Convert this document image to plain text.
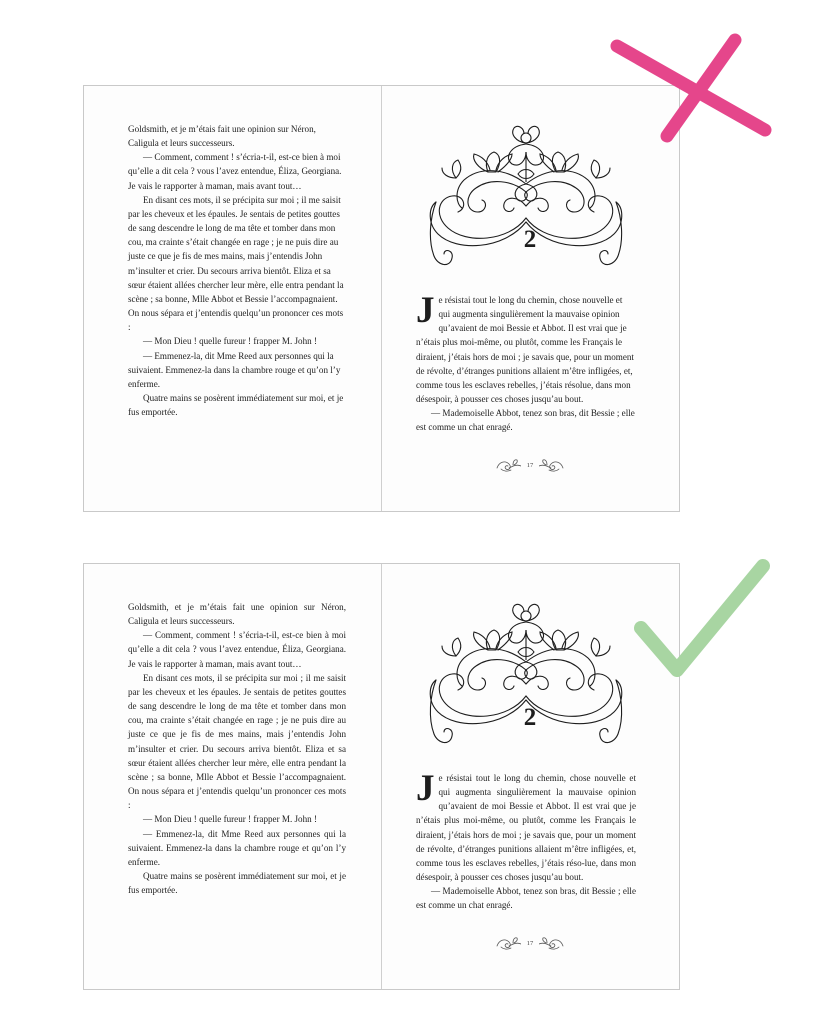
Goldsmith, et je m’étais fait une opinion sur Néron, Caligula et leurs successeurs.

— Comment, comment ! s’écria-t-il, est-ce bien à moi qu’elle a dit cela ? vous l’avez entendue, Éliza, Georgiana. Je vais le rapporter à maman, mais avant tout…

En disant ces mots, il se précipita sur moi ; il me saisit par les cheveux et les épaules. Je sentais de petites gouttes de sang descendre le long de ma tête et tomber dans mon cou, ma crainte s’était changée en rage ; je ne puis dire au juste ce que je fis de mes mains, mais j’entendis John m’insulter et crier. Du secours arriva bientôt. Eliza et sa sœur étaient allées chercher leur mère, elle entra pendant la scène ; sa bonne, Mlle Abbot et Bessie l’accompagnaient. On nous sépara et j’entendis quelqu’un prononcer ces mots :

— Mon Dieu ! quelle fureur ! frapper M. John !

— Emmenez-la, dit Mme Reed aux personnes qui la suivaient. Emmenez-la dans la chambre rouge et qu’on l’y enferme.

Quatre mains se posèrent immédiatement sur moi, et je fus emportée.

2

Je résistai tout le long du chemin, chose nouvelle et qui augmenta singulièrement la mauvaise opinion qu’avaient de moi Bessie et Abbot. Il est vrai que je n’étais plus moi-même, ou plutôt, comme les Français le diraient, j’étais hors de moi ; je savais que, pour un moment de révolte, d’étranges punitions allaient m’être infligées, et, comme tous les esclaves rebelles, j’étais résolue, dans mon désespoir, à pousser ces choses jusqu’au bout.

— Mademoiselle Abbot, tenez son bras, dit Bessie ; elle est comme un chat enragé.

17

Goldsmith, et je m’étais fait une opinion sur Néron, Caligula et leurs successeurs.

— Comment, comment ! s’écria-t-il, est-ce bien à moi qu’elle a dit cela ? vous l’avez entendue, Éliza, Georgiana. Je vais le rapporter à maman, mais avant tout…

En disant ces mots, il se précipita sur moi ; il me saisit par les cheveux et les épaules. Je sentais de petites gouttes de sang descendre le long de ma tête et tomber dans mon cou, ma crainte s’était changée en rage ; je ne puis dire au juste ce que je fis de mes mains, mais j’entendis John m’insulter et crier. Du secours arriva bientôt. Eliza et sa sœur étaient allées chercher leur mère, elle entra pendant la scène ; sa bonne, Mlle Abbot et Bessie l’accompagnaient. On nous sépara et j’entendis quelqu’un prononcer ces mots :

— Mon Dieu ! quelle fureur ! frapper M. John !

— Emmenez-la, dit Mme Reed aux personnes qui la suivaient. Emmenez-la dans la chambre rouge et qu’on l’y enferme.

Quatre mains se posèrent immédiatement sur moi, et je fus emportée.

2

Je résistai tout le long du chemin, chose nouvelle et qui augmenta singulièrement la mauvaise opinion qu’avaient de moi Bessie et Abbot. Il est vrai que je n’étais plus moi-même, ou plutôt, comme les Français le diraient, j’étais hors de moi ; je savais que, pour un moment de révolte, d’étranges punitions allaient m’être infligées, et, comme tous les esclaves rebelles, j’étais réso-lue, dans mon désespoir, à pousser ces choses jusqu’au bout.

— Mademoiselle Abbot, tenez son bras, dit Bessie ; elle est comme un chat enragé.

17
